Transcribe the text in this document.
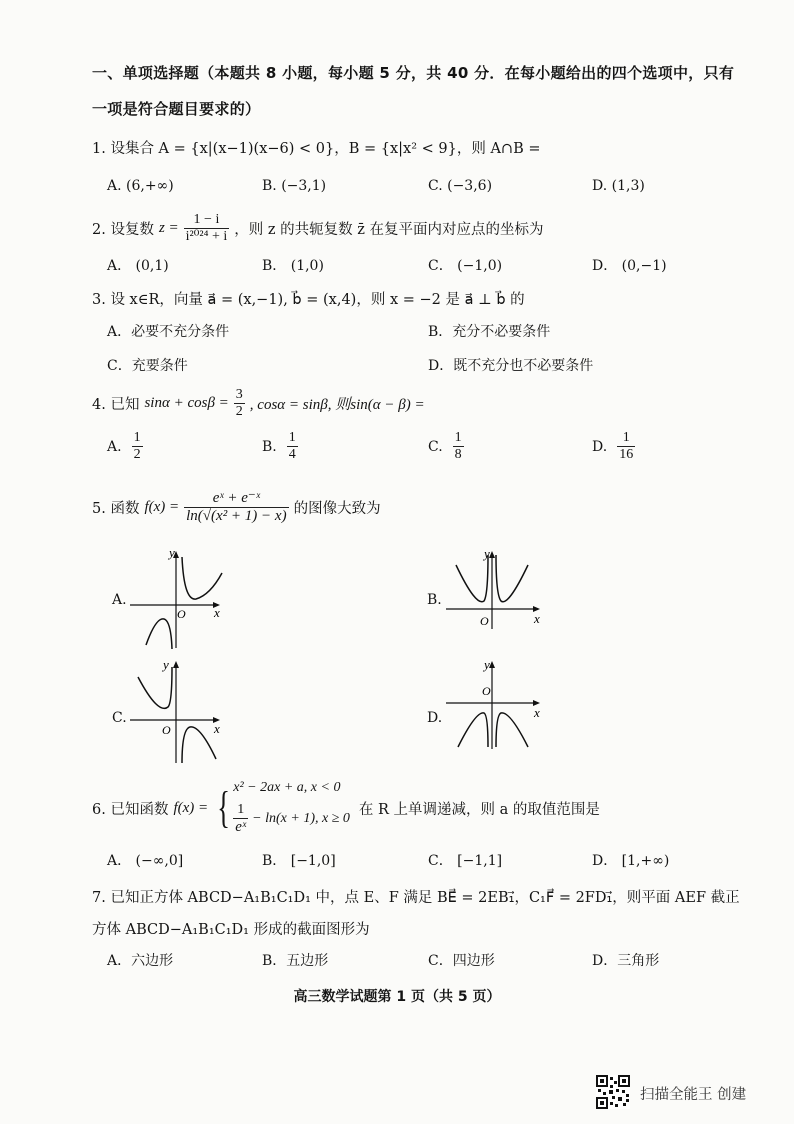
一、单项选择题（本题共 8 小题，每小题 5 分，共 40 分．在每小题给出的四个选项中，只有
一项是符合题目要求的）
1. 设集合 A = {x|(x−1)(x−6) < 0}，B = {x|x² < 9}，则 A∩B =
A. (6,+∞)	B. (−3,1)	C. (−3,6)	D. (1,3)
2. 设复数 $z = \frac{1 - i}{\text{i²⁰²⁴ + i}}$ ，则 z 的共轭复数 z̄ 在复平面内对应点的坐标为
A． (0,1)	B． (1,0)	C． (−1,0)	D． (0,−1)
3. 设 x∈R，向量 a⃗ = (x,−1), b⃗ = (x,4)，则 x = −2 是 a⃗ ⊥ b⃗ 的
A．必要不充分条件	B．充分不必要条件
C．充要条件	D．既不充分也不必要条件
4. 已知 $\sin\alpha + \cos\beta = \frac{3}{2}$ , cosα = sinβ, 则sin(α − β) =
A. $\frac{1}{2}$	B. $\frac{1}{4}$	C. $\frac{1}{8}$	D. $\frac{1}{16}$
5. 函数 $f(x) = \frac{\text{eˣ + e⁻ˣ}}{\text{ln(√(x² + 1) − x)}}$ 的图像大致为
A.
y
x
O
B.
y
x
O
C.
y
x
O
D.
y
x
O
6. 已知函数 f(x) = { x² − 2ax + a, x < 0
$\frac{1}{\text{eˣ}} - \ln(x + 1)$, x ≥ 0
在 R 上单调递减，则 a 的取值范围是
A． (−∞,0]	B． [−1,0]	C． [−1,1]	D． [1,+∞)
7. 已知正方体 ABCD−A₁B₁C₁D₁ 中，点 E、F 满足 BE⃗ = 2EB₁⃗，C₁F⃗ = 2FD₁⃗，则平面 AEF 截正
方体 ABCD−A₁B₁C₁D₁ 形成的截面图形为
A．六边形	B．五边形	C．四边形	D．三角形
高三数学试题第 1 页（共 5 页）
扫描全能王 创建
